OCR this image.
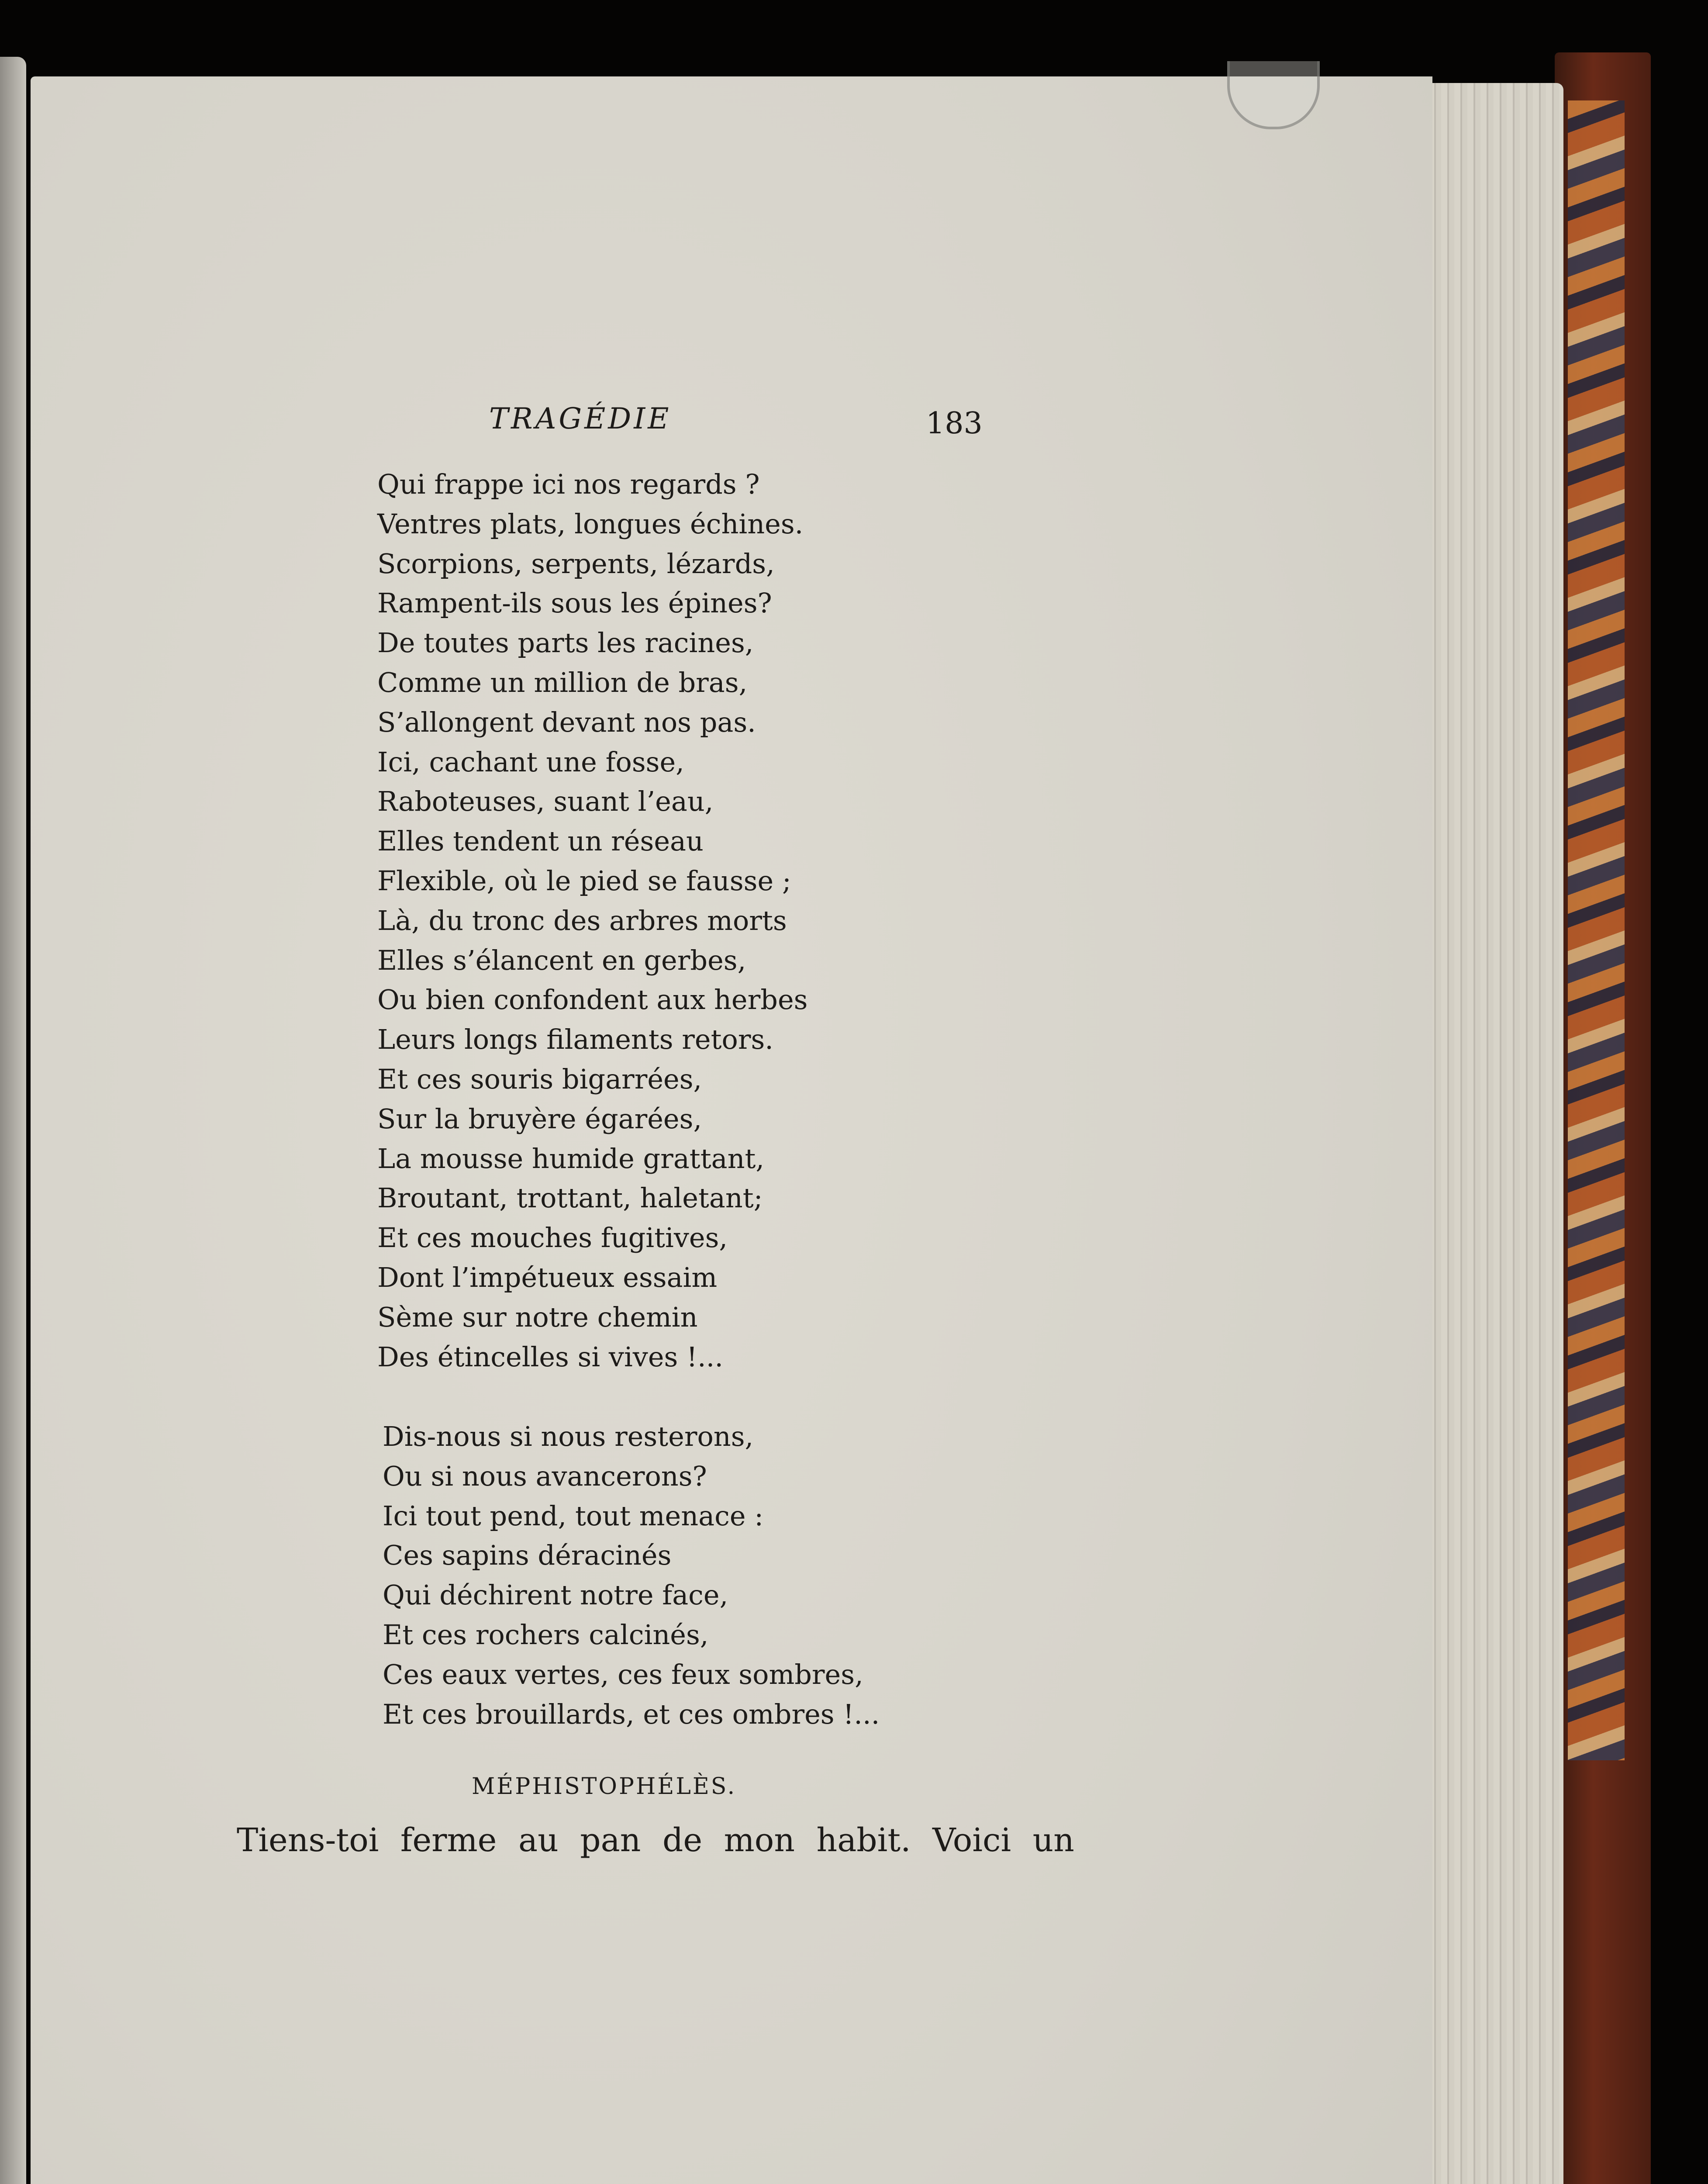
TRAGÉDIE	183
Qui frappe ici nos regards ?
Ventres plats, longues échines.
Scorpions, serpents, lézards,
Rampent-ils sous les épines?
De toutes parts les racines,
Comme un million de bras,
S’allongent devant nos pas.
Ici, cachant une fosse,
Raboteuses, suant l’eau,
Elles tendent un réseau
Flexible, où le pied se fausse ;
Là, du tronc des arbres morts
Elles s’élancent en gerbes,
Ou bien confondent aux herbes
Leurs longs filaments retors.
Et ces souris bigarrées,
Sur la bruyère égarées,
La mousse humide grattant,
Broutant, trottant, haletant;
Et ces mouches fugitives,
Dont l’impétueux essaim
Sème sur notre chemin
Des étincelles si vives !...
Dis-nous si nous resterons,
Ou si nous avancerons?
Ici tout pend, tout menace :
Ces sapins déracinés
Qui déchirent notre face,
Et ces rochers calcinés,
Ces eaux vertes, ces feux sombres,
Et ces brouillards, et ces ombres !...
MÉPHISTOPHÉLÈS.
Tiens-toi ferme au pan de mon habit. Voici un
